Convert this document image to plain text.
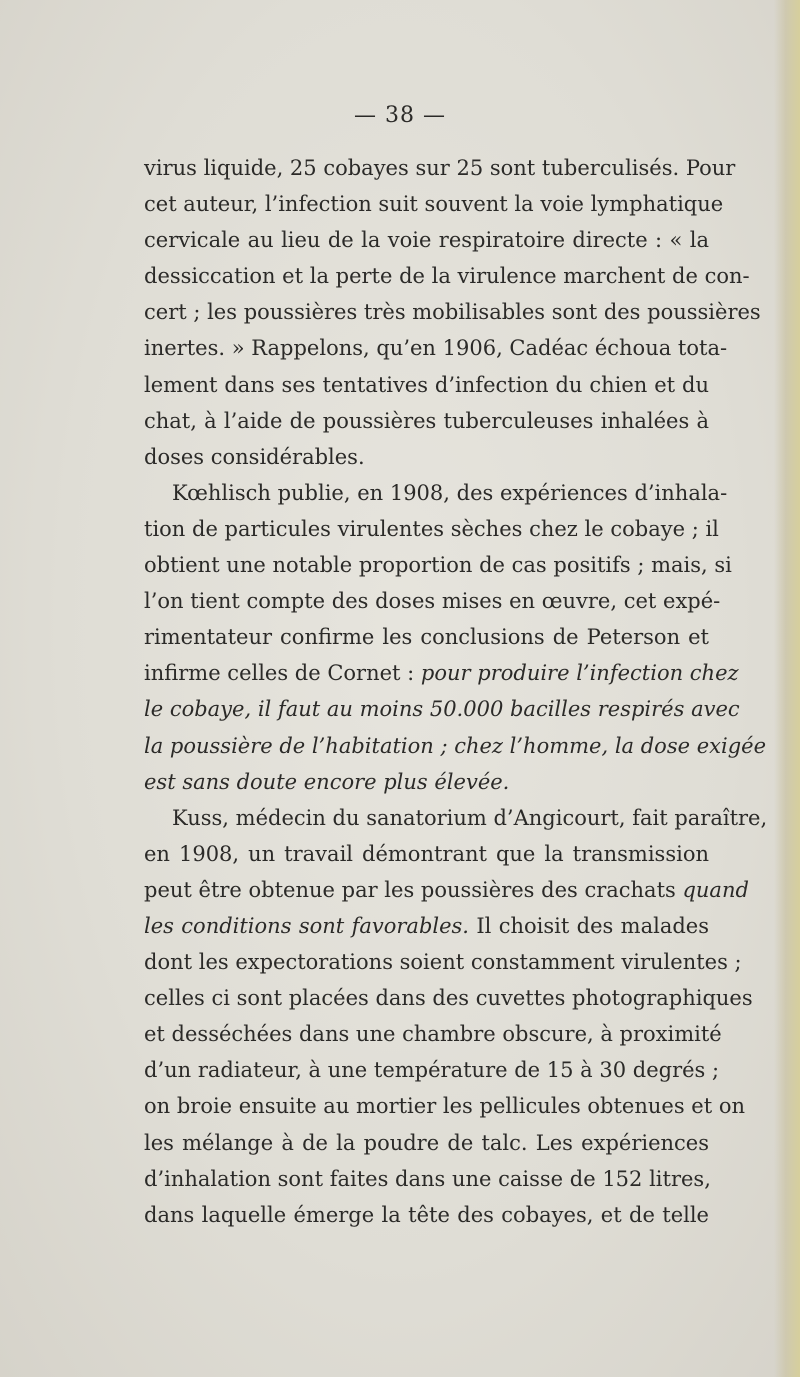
— 38 —
virus liquide, 25 cobayes sur 25 sont tuberculisés. Pour
cet auteur, l’infection suit souvent la voie lymphatique
cervicale au lieu de la voie respiratoire directe : « la
dessiccation et la perte de la virulence marchent de con-
cert ; les poussières très mobilisables sont des poussières
inertes. » Rappelons, qu’en 1906, Cadéac échoua tota-
lement dans ses tentatives d’infection du chien et du
chat, à l’aide de poussières tuberculeuses inhalées à
doses considérables.
Kœhlisch publie, en 1908, des expériences d’inhala-
tion de particules virulentes sèches chez le cobaye ; il
obtient une notable proportion de cas positifs ; mais, si
l’on tient compte des doses mises en œuvre, cet expé-
rimentateur confirme les conclusions de Peterson et
infirme celles de Cornet : pour produire l’infection chez
le cobaye, il faut au moins 50.000 bacilles respirés avec
la poussière de l’habitation ; chez l’homme, la dose exigée
est sans doute encore plus élevée.
Kuss, médecin du sanatorium d’Angicourt, fait paraître,
en 1908, un travail démontrant que la transmission
peut être obtenue par les poussières des crachats quand
les conditions sont favorables. Il choisit des malades
dont les expectorations soient constamment virulentes ;
celles ci sont placées dans des cuvettes photographiques
et desséchées dans une chambre obscure, à proximité
d’un radiateur, à une température de 15 à 30 degrés ;
on broie ensuite au mortier les pellicules obtenues et on
les mélange à de la poudre de talc. Les expériences
d’inhalation sont faites dans une caisse de 152 litres,
dans laquelle émerge la tête des cobayes, et de telle
